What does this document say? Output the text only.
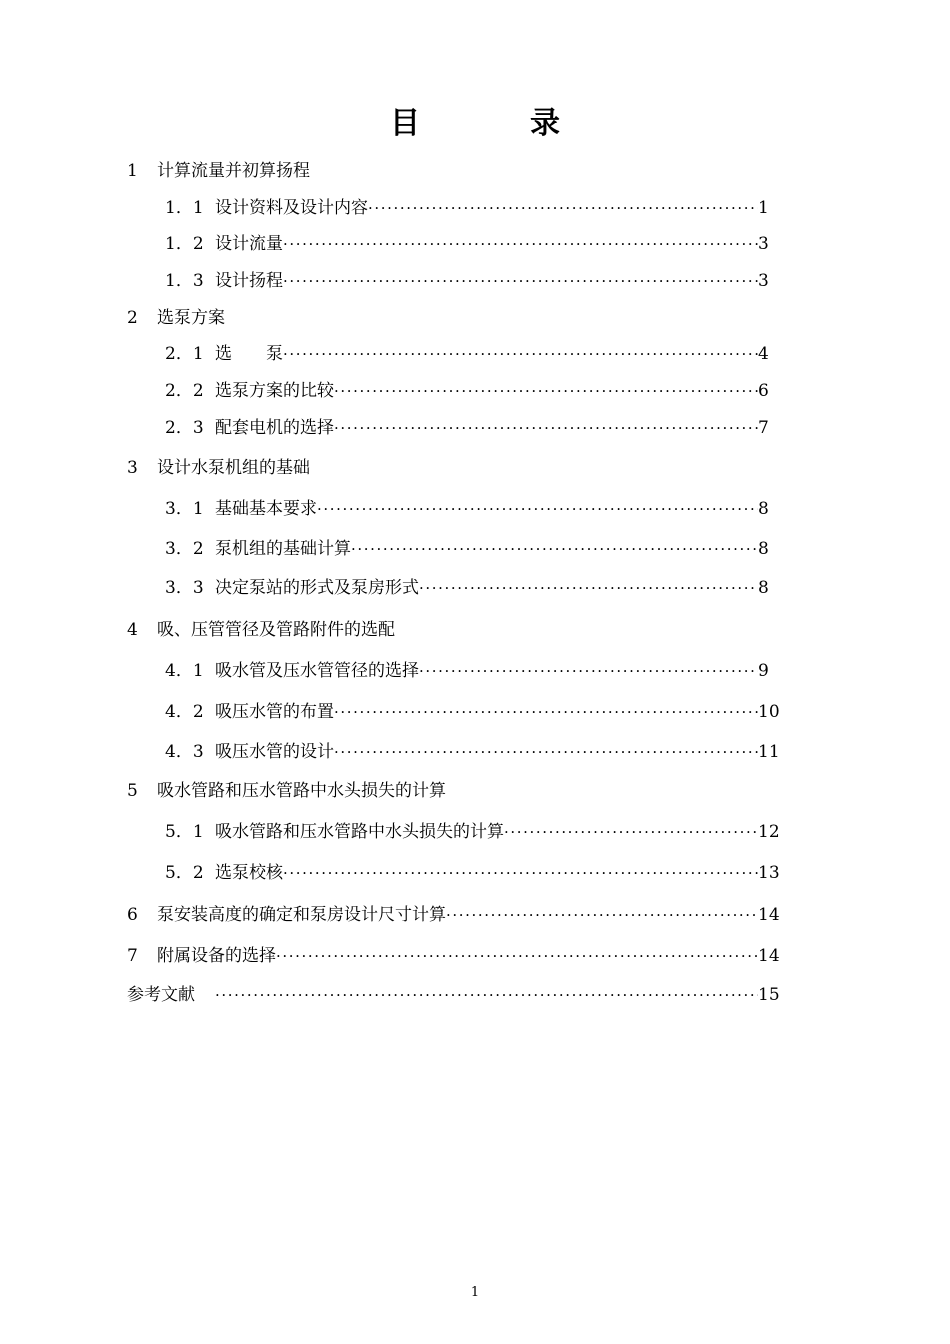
目　录
1	计算流量并初算扬程
1．1 设计资料及设计内容 ·····	1
1．2 设计流量 ·····	3
1．3 设计扬程 ·····	3
2	选泵方案
2．1 选　　泵 ·····	4
2．2 选泵方案的比较 ·····	6
2．3 配套电机的选择 ·····	7
3	设计水泵机组的基础
3．1 基础基本要求 ·····	8
3．2 泵机组的基础计算 ·····	8
3．3 决定泵站的形式及泵房形式 ·····	8
4	吸、压管管径及管路附件的选配
4．1 吸水管及压水管管径的选择 ·····	9
4．2 吸压水管的布置 ·····	10
4．3 吸压水管的设计 ·····	11
5	吸水管路和压水管路中水头损失的计算
5．1 吸水管路和压水管路中水头损失的计算 ·····	12
5．2 选泵校核 ·····	13
6	泵安装高度的确定和泵房设计尺寸计算 ·····	14
7	附属设备的选择 ·····	14
参考文献 ·····	15
1
